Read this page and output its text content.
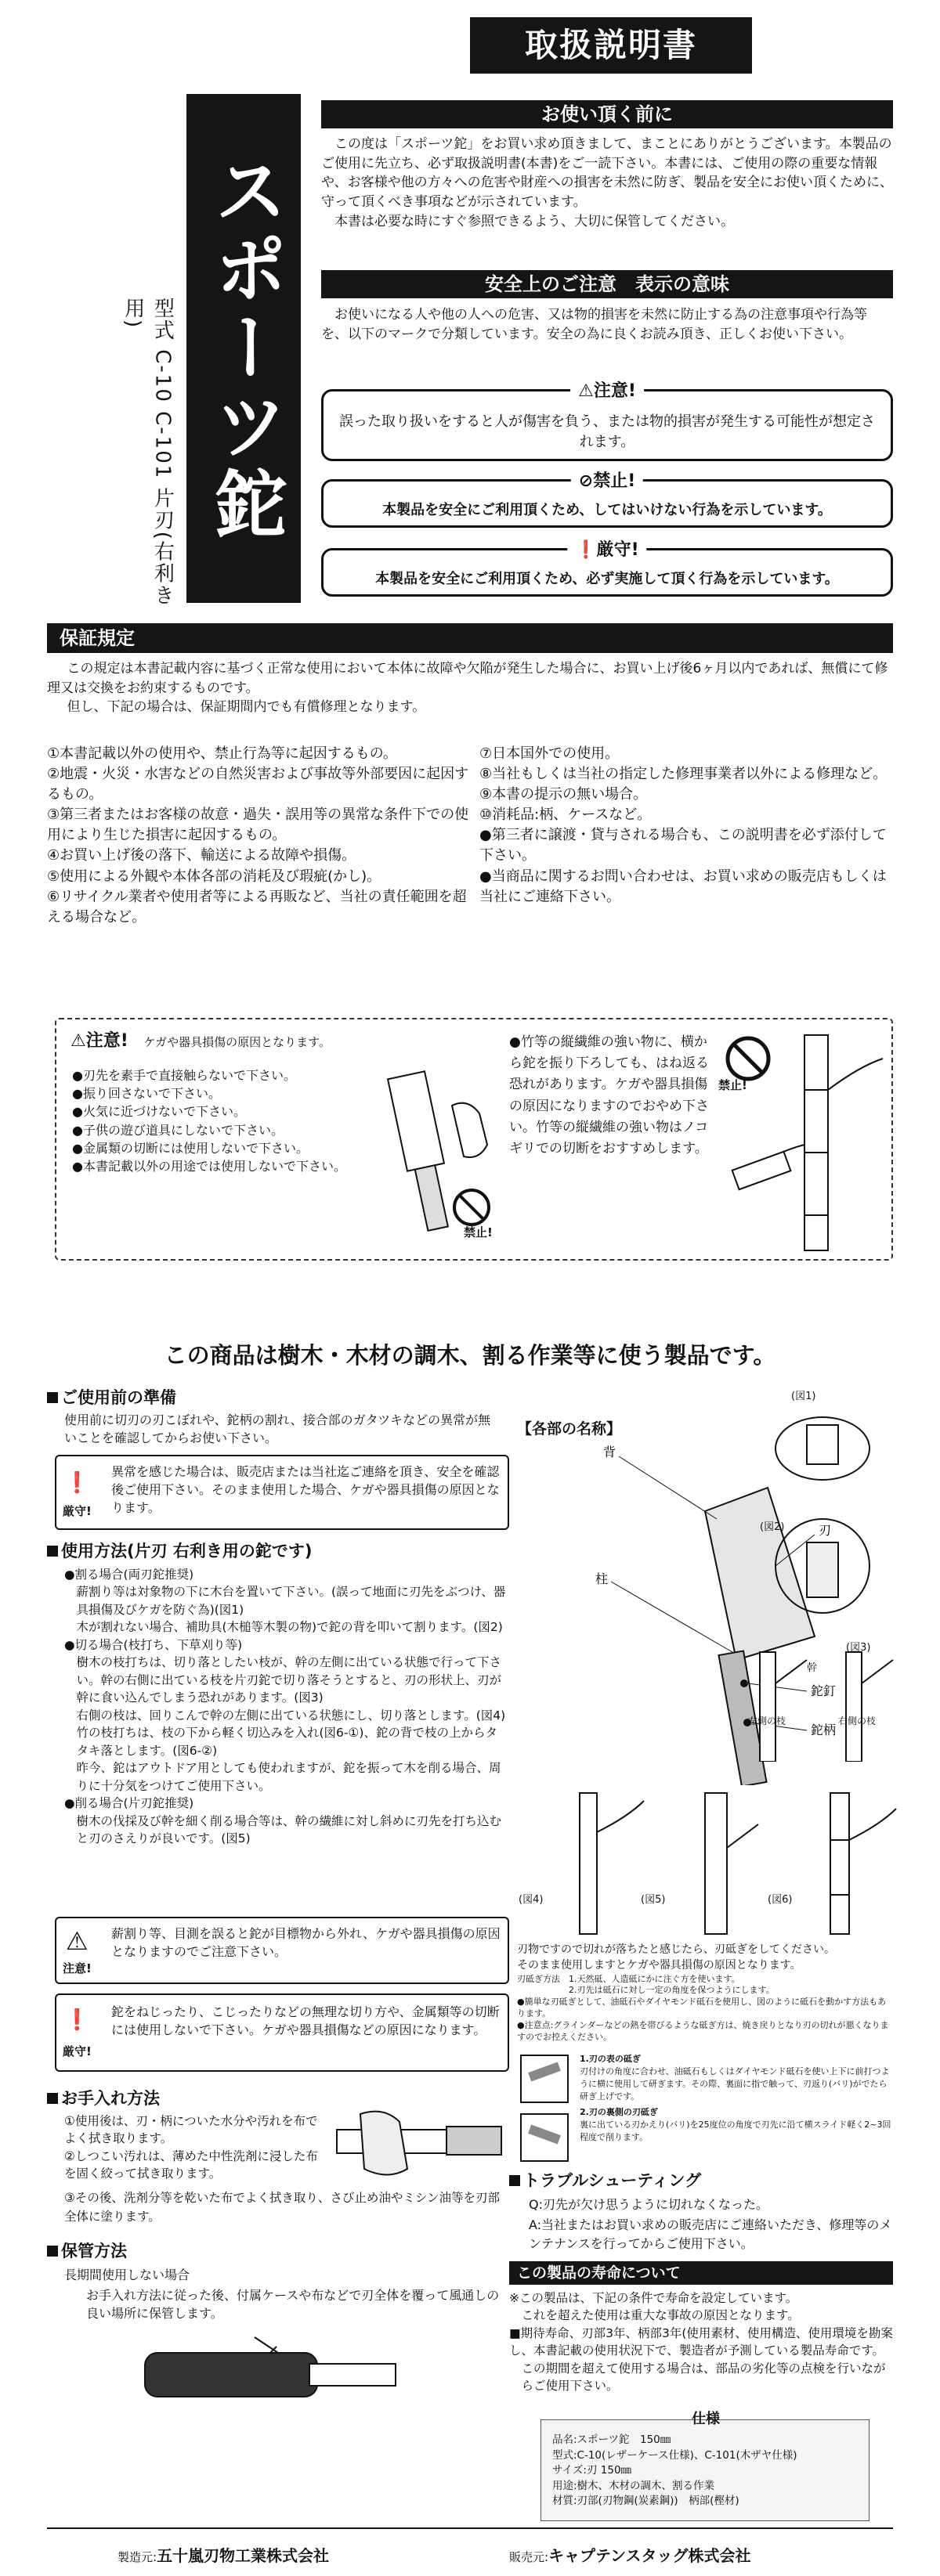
取扱説明書
スポーツ鉈
型式 C-10 C-101 片刃(右利き用)
お使い頂く前に

この度は「スポーツ鉈」をお買い求め頂きまして、まことにありがとうございます。本製品のご使用に先立ち、必ず取扱説明書(本書)をご一読下さい。本書には、ご使用の際の重要な情報や、お客様や他の方々への危害や財産への損害を未然に防ぎ、製品を安全にお使い頂くために、守って頂くべき事項などが示されています。

本書は必要な時にすぐ参照できるよう、大切に保管してください。

安全上のご注意　表示の意味
お使いになる人や他の人への危害、又は物的損害を未然に防止する為の注意事項や行為等を、以下のマークで分類しています。安全の為に良くお読み頂き、正しくお使い下さい。
⚠注意!
誤った取り扱いをすると人が傷害を負う、または物的損害が発生する可能性が想定されます。
⊘禁止!
本製品を安全にご利用頂くため、してはいけない行為を示しています。
❗厳守!
本製品を安全にご利用頂くため、必ず実施して頂く行為を示しています。
保証規定

この規定は本書記載内容に基づく正常な使用において本体に故障や欠陥が発生した場合に、お買い上げ後6ヶ月以内であれば、無償にて修理又は交換をお約束するものです。

但し、下記の場合は、保証期間内でも有償修理となります。

①本書記載以外の使用や、禁止行為等に起因するもの。
②地震・火災・水害などの自然災害および事故等外部要因に起因するもの。
③第三者またはお客様の故意・過失・誤用等の異常な条件下での使用により生じた損害に起因するもの。
④お買い上げ後の落下、輸送による故障や損傷。
⑤使用による外観や本体各部の消耗及び瑕疵(かし)。
⑥リサイクル業者や使用者等による再販など、当社の責任範囲を超える場合など。
⑦日本国外での使用。
⑧当社もしくは当社の指定した修理事業者以外による修理など。
⑨本書の提示の無い場合。
⑩消耗品:柄、ケースなど。
●第三者に譲渡・貸与される場合も、この説明書を必ず添付して下さい。
●当商品に関するお問い合わせは、お買い求めの販売店もしくは当社にご連絡下さい。
⚠注意! ケガや器具損傷の原因となります。
●刃先を素手で直接触らないで下さい。
●振り回さないで下さい。
●火気に近づけないで下さい。
●子供の遊び道具にしないで下さい。
●金属類の切断には使用しないで下さい。
●本書記載以外の用途では使用しないで下さい。
禁止!
●竹等の縦繊維の強い物に、横から鉈を振り下ろしても、はね返る恐れがあります。ケガや器具損傷の原因になりますのでおやめ下さい。竹等の縦繊維の強い物はノコギリでの切断をおすすめします。
禁止!
この商品は樹木・木材の調木、割る作業等に使う製品です。
ご使用前の準備
使用前に切刃の刃こぼれや、鉈柄の割れ、接合部のガタツキなどの異常が無いことを確認してからお使い下さい。
❗
厳守!
異常を感じた場合は、販売店または当社迄ご連絡を頂き、安全を確認後ご使用下さい。そのまま使用した場合、ケガや器具損傷の原因となります。
使用方法(片刃 右利き用の鉈です)
●割る場合(両刃鉈推奨)
薪割り等は対象物の下に木台を置いて下さい。(誤って地面に刃先をぶつけ、器具損傷及びケガを防ぐ為)(図1)
木が割れない場合、補助具(木槌等木製の物)で鉈の背を叩いて割ります。(図2)
●切る場合(枝打ち、下草刈り等)
樹木の枝打ちは、切り落としたい枝が、幹の左側に出ている状態で行って下さい。幹の右側に出ている枝を片刃鉈で切り落そうとすると、刃の形状上、刃が幹に食い込んでしまう恐れがあります。(図3)
右側の枝は、回りこんで幹の左側に出ている状態にし、切り落とします。(図4)
竹の枝打ちは、枝の下から軽く切込みを入れ(図6-①)、鉈の背で枝の上からタタキ落とします。(図6-②)
昨今、鉈はアウトドア用としても使われますが、鉈を振って木を削る場合、周りに十分気をつけてご使用下さい。
●削る場合(片刃鉈推奨)
樹木の伐採及び幹を細く削る場合等は、幹の繊維に対し斜めに刃先を打ち込むと刃のさえりが良いです。(図5)
⚠
注意!
薪割り等、目測を誤ると鉈が目標物から外れ、ケガや器具損傷の原因となりますのでご注意下さい。
❗
厳守!
鉈をねじったり、こじったりなどの無理な切り方や、金属類等の切断には使用しないで下さい。ケガや器具損傷などの原因になります。
お手入れ方法
①使用後は、刃・柄についた水分や汚れを布でよく拭き取ります。
②しつこい汚れは、薄めた中性洗剤に浸した布を固く絞って拭き取ります。
③その後、洗剤分等を乾いた布でよく拭き取り、さび止め油やミシン油等を刃部全体に塗ります。
保管方法
長期間使用しない場合
お手入れ方法に従った後、付属ケースや布などで刃全体を覆って風通しの良い場所に保管します。
【各部の名称】
背
刃
柱
鉈釘
鉈柄
(図1)
(図2)
(図3)
幹
左側の枝	右側の枝
(図4)	(図5)	(図6)
刃物ですので切れが落ちたと感じたら、刃砥ぎをしてください。
そのまま使用しますとケガや器具損傷の原因となります。
刃砥ぎ方法　1.天然砥、人造砥にかに注ぐ方を使います。
2.刃先は砥石に対し一定の角度を保つようにします。
●簡単な刃砥ぎとして、油砥石やダイヤモンド砥石を使用し、図のように砥石を動かす方法もあります。
●注意点:グラインダーなどの熱を帯びるような砥ぎ方は、焼き戻りとなり刃の切れが悪くなりますのでお控えください。
1.刃の表の砥ぎ
刃付けの角度に合わせ、油砥石もしくはダイヤモンド砥石を使い上下に前打つように横に使用して研ぎます。その際、裏面に指で触って、刃返り(バリ)がでたら研ぎ上げです。
2.刃の裏側の刃砥ぎ
裏に出ている刃かえり(バリ)を25度位の角度で刃先に沿て横スライド軽く2~3回程度で削ります。
トラブルシューティング
Q:刃先が欠け思うように切れなくなった。
A:当社またはお買い求めの販売店にご連絡いただき、修理等のメンテナンスを行ってからご使用下さい。
この製品の寿命について
※この製品は、下記の条件で寿命を設定しています。
これを超えた使用は重大な事故の原因となります。
■期待寿命、刃部3年、柄部3年(使用素材、使用構造、使用環境を勘案し、本書記載の使用状況下で、製造者が予測している製品寿命です。
この期間を超えて使用する場合は、部品の劣化等の点検を行いながらご使用下さい。
仕様
品名:スポーツ鉈　150㎜
型式:C-10(レザーケース仕様)、C-101(木ザヤ仕様)
サイズ:刃 150㎜
用途:樹木、木材の調木、割る作業
材質:刃部(刃物鋼(炭素鋼))　柄部(樫材)
製造元:五十嵐刃物工業株式会社	販売元:キャプテンスタッグ株式会社
